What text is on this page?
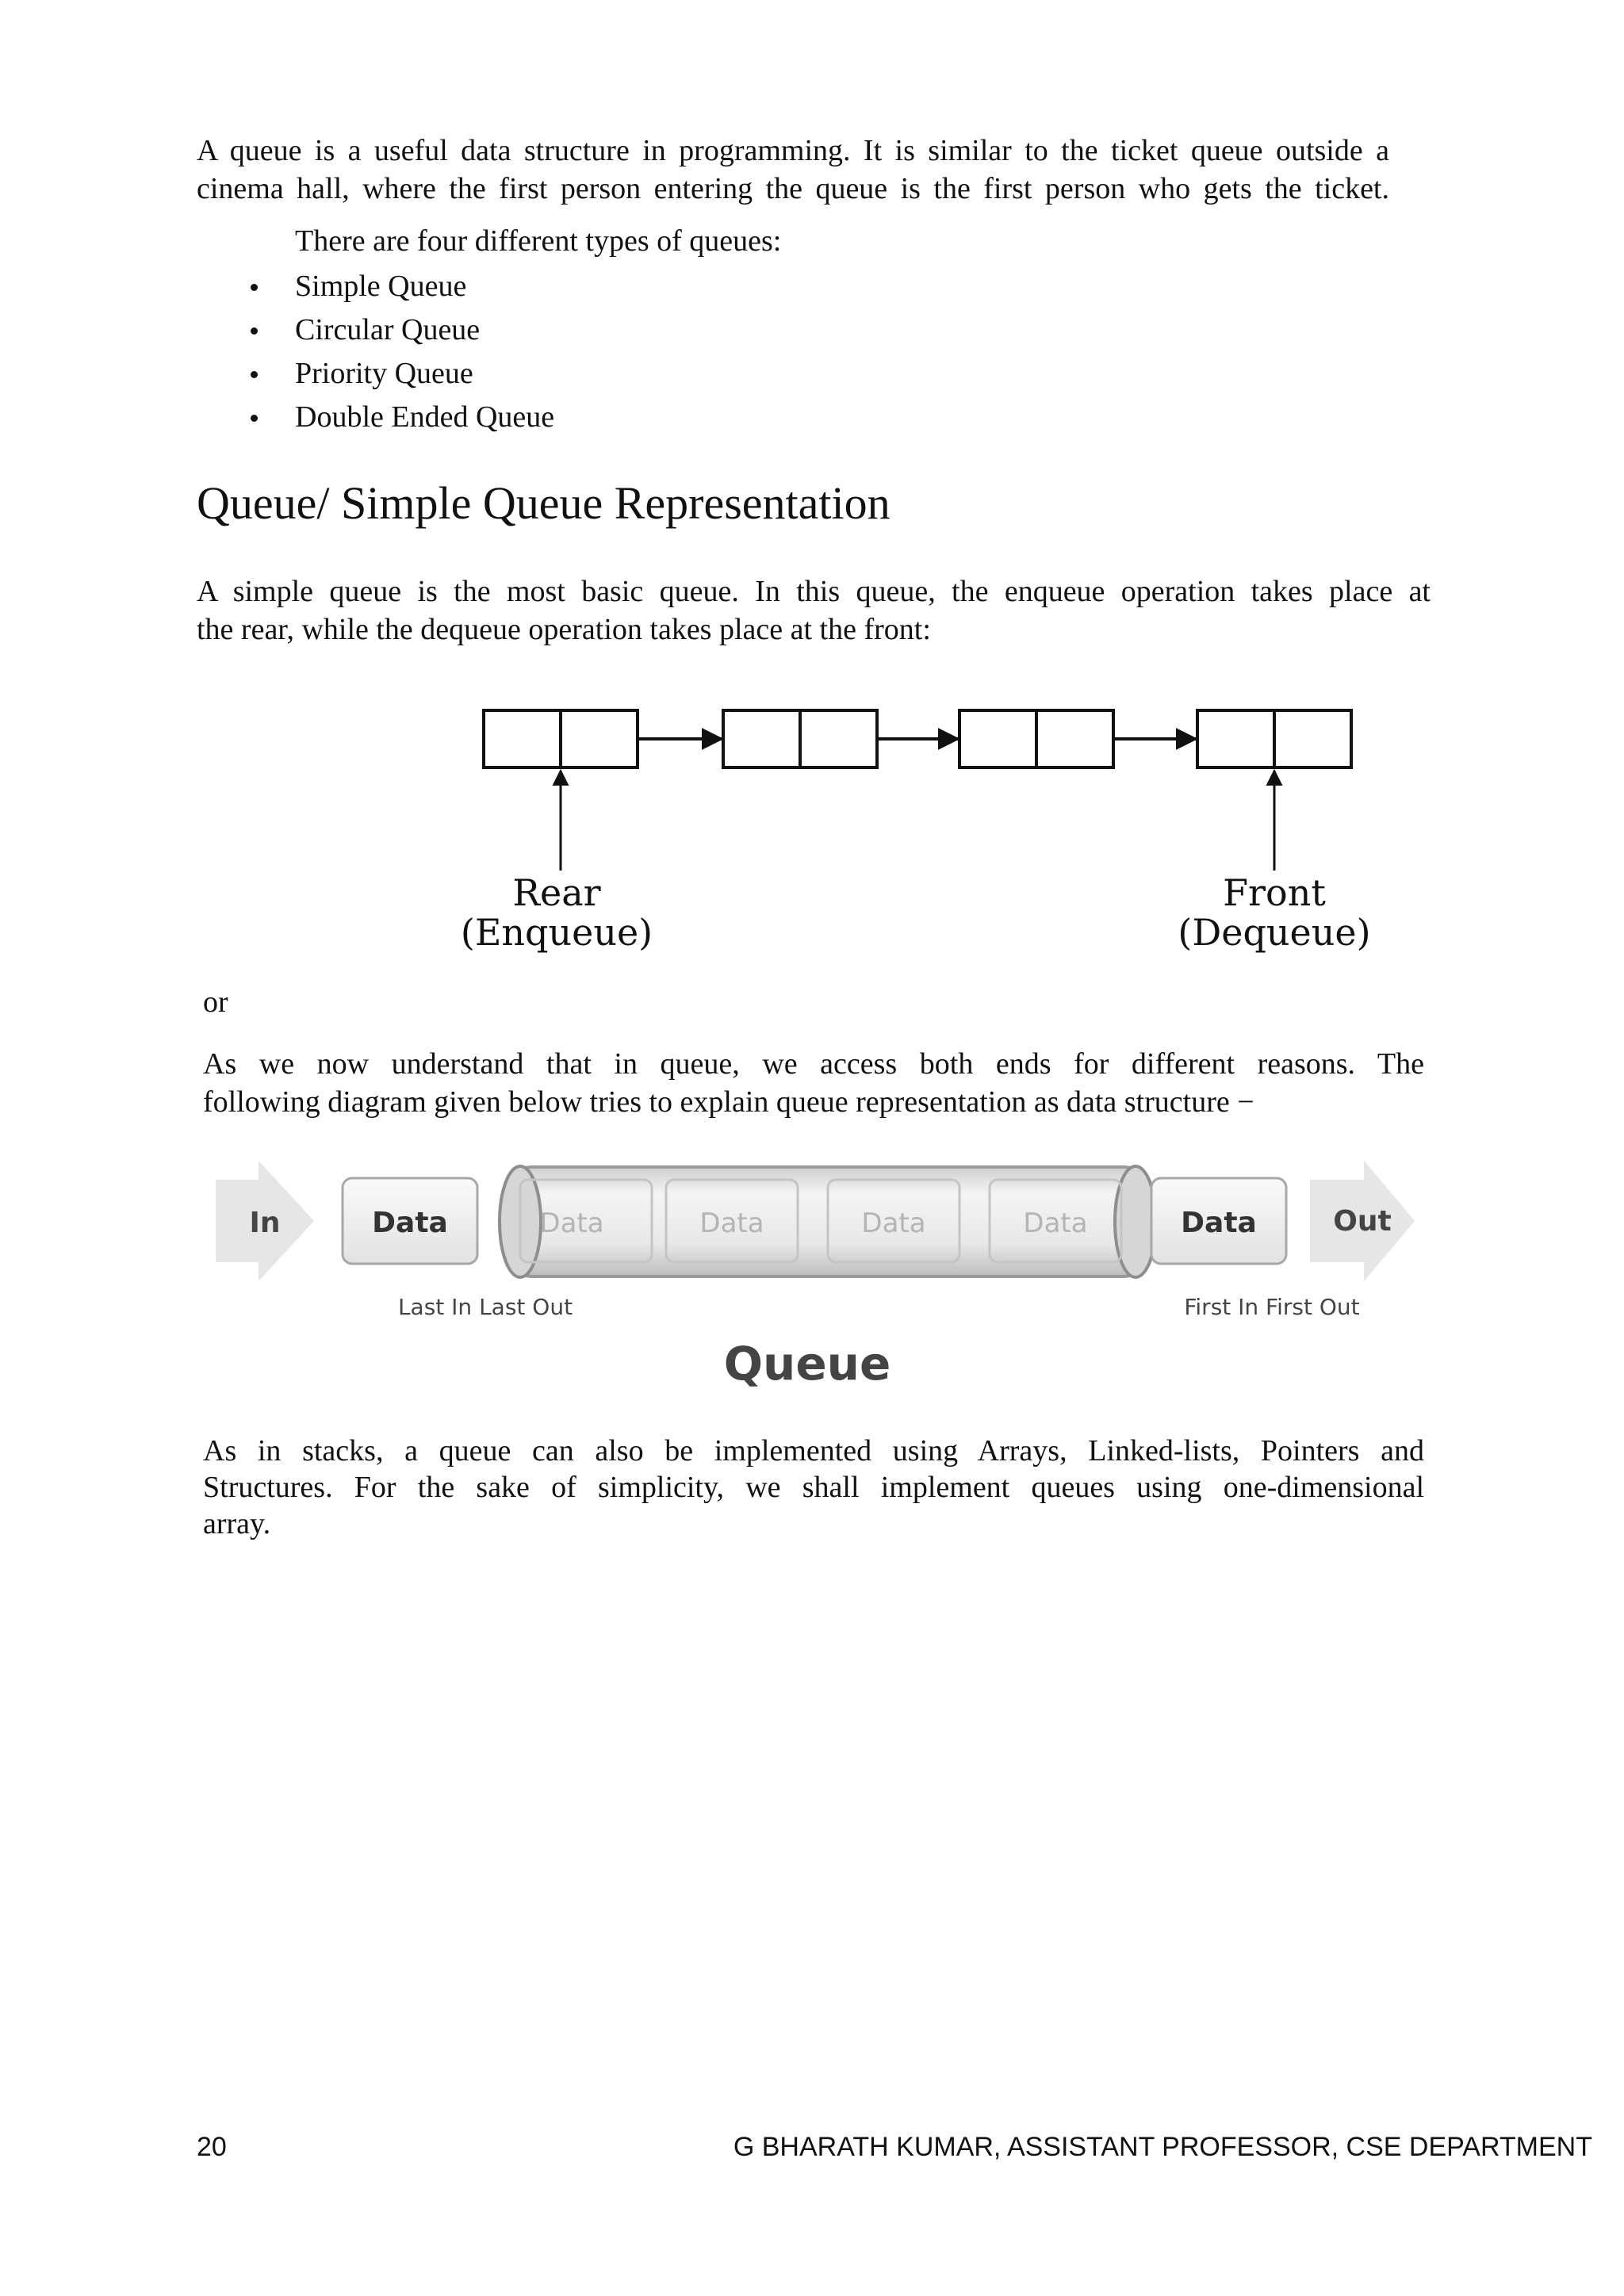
A queue is a useful data structure in programming. It is similar to the ticket queue outside a

cinema hall, where the first person entering the queue is the first person who gets the ticket.

There are four different types of queues:

Simple Queue
Circular Queue
Priority Queue
Double Ended Queue
Queue/ Simple Queue Representation

A simple queue is the most basic queue. In this queue, the enqueue operation takes place at

the rear, while the dequeue operation takes place at the front:

Rear
(Enqueue)
Front
(Dequeue)

or

As we now understand that in queue, we access both ends for different reasons. The

following diagram given below tries to explain queue representation as data structure −

In	Data	Data	Data	Data	Data	Data	Out
Last In Last Out	First In First Out
Queue

As in stacks, a queue can also be implemented using Arrays, Linked-lists, Pointers and

Structures. For the sake of simplicity, we shall implement queues using one-dimensional

array.

20	G BHARATH KUMAR, ASSISTANT PROFESSOR, CSE DEPARTMENT
